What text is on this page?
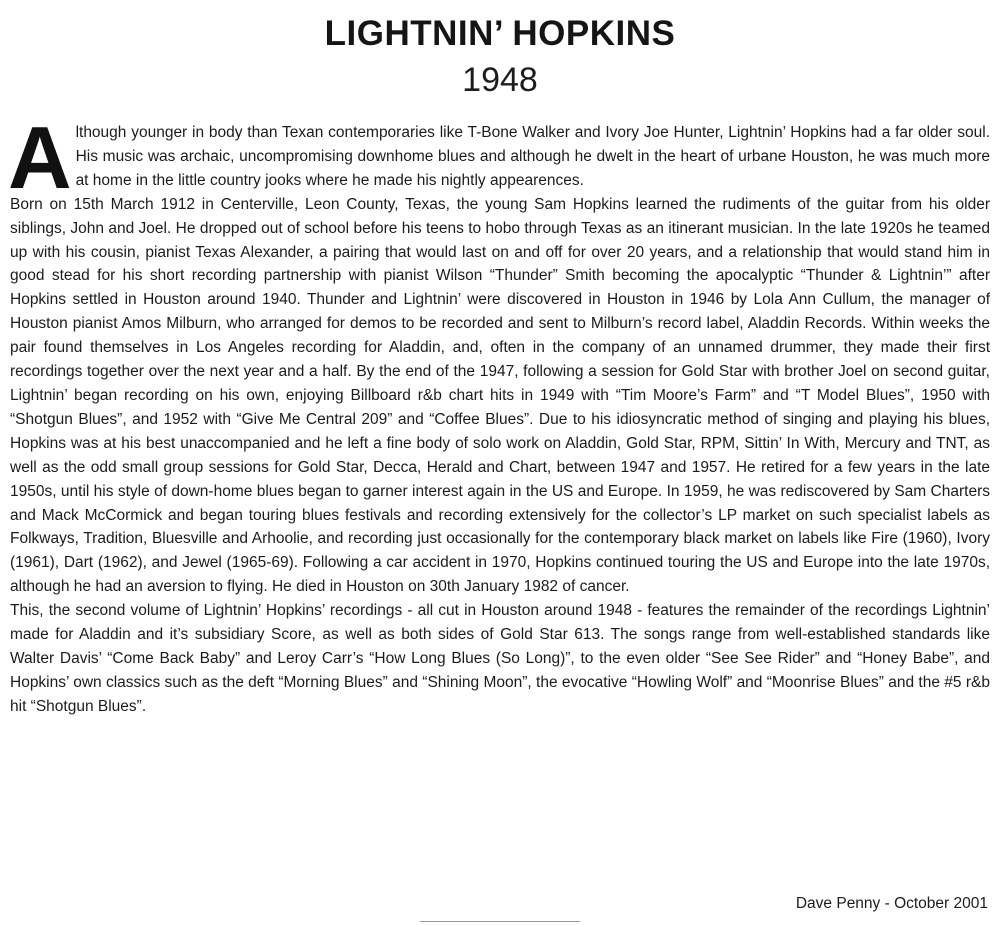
LIGHTNIN’ HOPKINS
1948

Although younger in body than Texan contemporaries like T-Bone Walker and Ivory Joe Hunter, Lightnin’ Hopkins had a far older soul. His music was archaic, uncompromising downhome blues and although he dwelt in the heart of urbane Houston, he was much more at home in the little country jooks where he made his nightly appearences.

Born on 15th March 1912 in Centerville, Leon County, Texas, the young Sam Hopkins learned the rudiments of the guitar from his older siblings, John and Joel. He dropped out of school before his teens to hobo through Texas as an itinerant musician. In the late 1920s he teamed up with his cousin, pianist Texas Alexander, a pairing that would last on and off for over 20 years, and a relationship that would stand him in good stead for his short recording partnership with pianist Wilson “Thunder” Smith becoming the apocalyptic “Thunder & Lightnin’” after Hopkins settled in Houston around 1940. Thunder and Lightnin’ were discovered in Houston in 1946 by Lola Ann Cullum, the manager of Houston pianist Amos Milburn, who arranged for demos to be recorded and sent to Milburn’s record label, Aladdin Records. Within weeks the pair found themselves in Los Angeles recording for Aladdin, and, often in the company of an unnamed drummer, they made their first recordings together over the next year and a half. By the end of the 1947, following a session for Gold Star with brother Joel on second guitar, Lightnin’ began recording on his own, enjoying Billboard r&b chart hits in 1949 with “Tim Moore’s Farm” and “T Model Blues”, 1950 with “Shotgun Blues”, and 1952 with “Give Me Central 209” and “Coffee Blues”. Due to his idiosyncratic method of singing and playing his blues, Hopkins was at his best unaccompanied and he left a fine body of solo work on Aladdin, Gold Star, RPM, Sittin’ In With, Mercury and TNT, as well as the odd small group sessions for Gold Star, Decca, Herald and Chart, between 1947 and 1957. He retired for a few years in the late 1950s, until his style of down-home blues began to garner interest again in the US and Europe. In 1959, he was rediscovered by Sam Charters and Mack McCormick and began touring blues festivals and recording extensively for the collector’s LP market on such specialist labels as Folkways, Tradition, Bluesville and Arhoolie, and recording just occasionally for the contemporary black market on labels like Fire (1960), Ivory (1961), Dart (1962), and Jewel (1965-69). Following a car accident in 1970, Hopkins continued touring the US and Europe into the late 1970s, although he had an aversion to flying. He died in Houston on 30th January 1982 of cancer.

This, the second volume of Lightnin’ Hopkins’ recordings - all cut in Houston around 1948 - features the remainder of the recordings Lightnin’ made for Aladdin and it’s subsidiary Score, as well as both sides of Gold Star 613. The songs range from well-established standards like Walter Davis’ “Come Back Baby” and Leroy Carr’s “How Long Blues (So Long)”, to the even older “See See Rider” and “Honey Babe”, and Hopkins’ own classics such as the deft “Morning Blues” and “Shining Moon”, the evocative “Howling Wolf” and “Moonrise Blues” and the #5 r&b hit “Shotgun Blues”.

Dave Penny - October 2001
